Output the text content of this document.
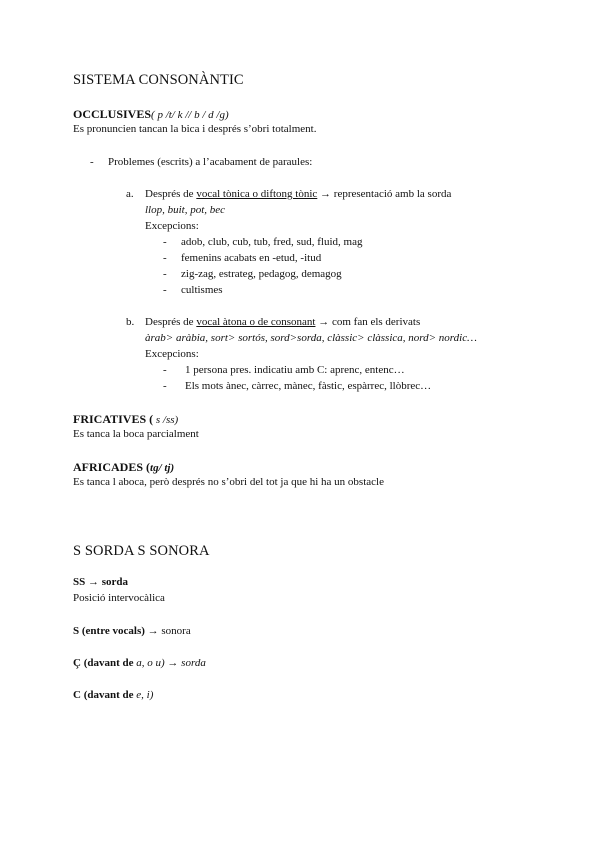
SISTEMA CONSONÀNTIC
OCCLUSIVES( p /t/ k // b / d /g)
Es pronuncien tancan la bica i després s’obri totalment.
- Problemes (escrits) a l’acabament de paraules:
a. Després de vocal tònica o diftong tònic → representació amb la sorda
llop, buit, pot, bec
Excepcions:
- adob, club, cub, tub, fred, sud, fluid, mag
- femenins acabats en -etud, -itud
- zig-zag, estrateg, pedagog, demagog
- cultismes
b. Després de vocal àtona o de consonant → com fan els derivats
àrab> aràbia, sort> sortós, sord>sorda, clàssic> clàssica, nord> nordic…
Excepcions:
- 1 persona pres. indicatiu amb C: aprenc, entenc…
- Els mots ànec, càrrec, mànec, fàstic, espàrrec, llòbrec…
FRICATIVES ( s /ss)
Es tanca la boca parcialment
AFRICADES (tg/ tj)
Es tanca l aboca, però després no s’obri del tot ja que hi ha un obstacle
S SORDA S SONORA
SS → sorda
Posició intervocàlica
S (entre vocals) → sonora
Ç (davant de a, o u) → sorda
C (davant de e, i)
